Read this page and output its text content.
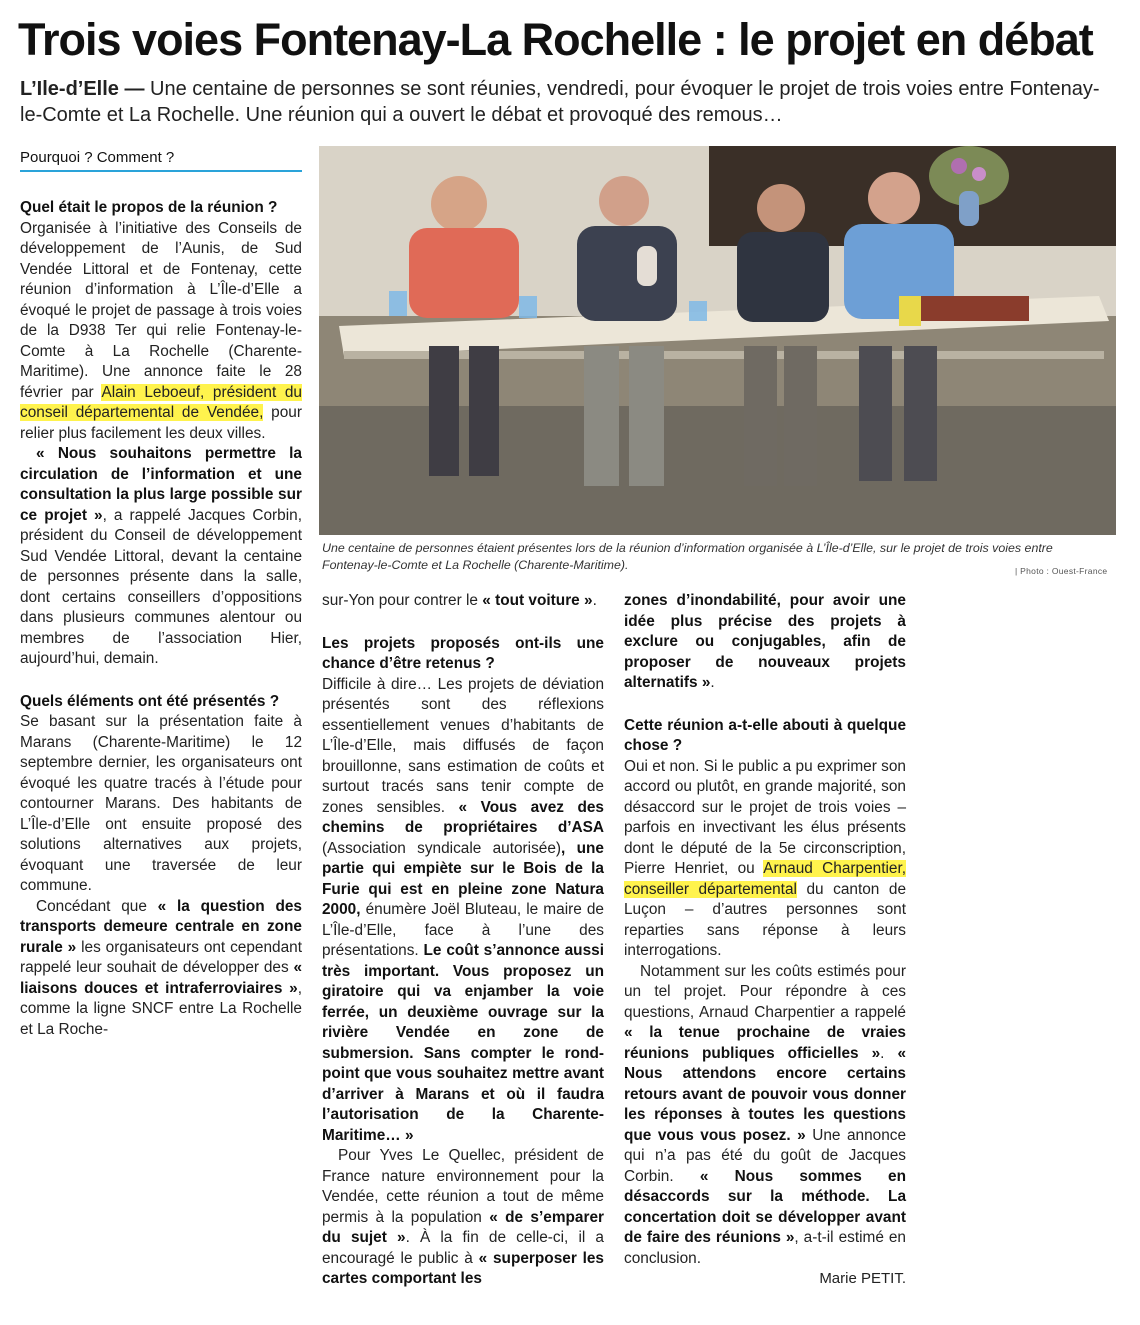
Trois voies Fontenay-La Rochelle : le projet en débat
L’Ile-d’Elle — Une centaine de personnes se sont réunies, vendredi, pour évoquer le projet de trois voies entre Fontenay-le-Comte et La Rochelle. Une réunion qui a ouvert le débat et provoqué des remous…
Pourquoi ? Comment ?
Une centaine de personnes étaient présentes lors de la réunion d’information organisée à L’Île-d’Elle, sur le projet de trois voies entre Fontenay-le-Comte et La Rochelle (Charente-Maritime).	| Photo : Ouest-France

Quel était le propos de la réunion ?

Organisée à l’initiative des Conseils de développement de l’Aunis, de Sud Vendée Littoral et de Fontenay, cette réunion d’information à L’Île-d’Elle a évoqué le projet de passage à trois voies de la D938 Ter qui relie Fontenay-le-Comte à La Rochelle (Charente-Maritime). Une annonce faite le 28 février par Alain Leboeuf, président du conseil départemental de Vendée, pour relier plus facilement les deux villes.

« Nous souhaitons permettre la circulation de l’information et une consultation la plus large possible sur ce projet », a rappelé Jacques Corbin, président du Conseil de développement Sud Vendée Littoral, devant la centaine de personnes présente dans la salle, dont certains conseillers d’oppositions dans plusieurs communes alentour ou membres de l’association Hier, aujourd’hui, demain.

Quels éléments ont été présentés ?

Se basant sur la présentation faite à Marans (Charente-Maritime) le 12 septembre dernier, les organisateurs ont évoqué les quatre tracés à l’étude pour contourner Marans. Des habitants de L’Île-d’Elle ont ensuite proposé des solutions alternatives aux projets, évoquant une traversée de leur commune.

Concédant que « la question des transports demeure centrale en zone rurale » les organisateurs ont cependant rappelé leur souhait de développer des « liaisons douces et intraferroviaires », comme la ligne SNCF entre La Rochelle et La Roche-

sur-Yon pour contrer le « tout voiture ».

Les projets proposés ont-ils une chance d’être retenus ?

Difficile à dire… Les projets de déviation présentés sont des réflexions essentiellement venues d’habitants de L’Île-d’Elle, mais diffusés de façon brouillonne, sans estimation de coûts et surtout tracés sans tenir compte de zones sensibles. « Vous avez des chemins de propriétaires d’ASA (Association syndicale autorisée), une partie qui empiète sur le Bois de la Furie qui est en pleine zone Natura 2000, énumère Joël Bluteau, le maire de L’Île-d’Elle, face à l’une des présentations. Le coût s’annonce aussi très important. Vous proposez un giratoire qui va enjamber la voie ferrée, un deuxième ouvrage sur la rivière Vendée en zone de submersion. Sans compter le rond-point que vous souhaitez mettre avant d’arriver à Marans et où il faudra l’autorisation de la Charente-Maritime… »

Pour Yves Le Quellec, président de France nature environnement pour la Vendée, cette réunion a tout de même permis à la population « de s’emparer du sujet ». À la fin de celle-ci, il a encouragé le public à « superposer les cartes comportant les

zones d’inondabilité, pour avoir une idée plus précise des projets à exclure ou conjugables, afin de proposer de nouveaux projets alternatifs ».

Cette réunion a-t-elle abouti à quelque chose ?

Oui et non. Si le public a pu exprimer son accord ou plutôt, en grande majorité, son désaccord sur le projet de trois voies – parfois en invectivant les élus présents dont le député de la 5e circonscription, Pierre Henriet, ou Arnaud Charpentier, conseiller départemental du canton de Luçon – d’autres personnes sont reparties sans réponse à leurs interrogations.

Notamment sur les coûts estimés pour un tel projet. Pour répondre à ces questions, Arnaud Charpentier a rappelé « la tenue prochaine de vraies réunions publiques officielles ». « Nous attendons encore certains retours avant de pouvoir vous donner les réponses à toutes les questions que vous vous posez. » Une annonce qui n’a pas été du goût de Jacques Corbin. « Nous sommes en désaccords sur la méthode. La concertation doit se développer avant de faire des réunions », a-t-il estimé en conclusion.

Marie PETIT.
